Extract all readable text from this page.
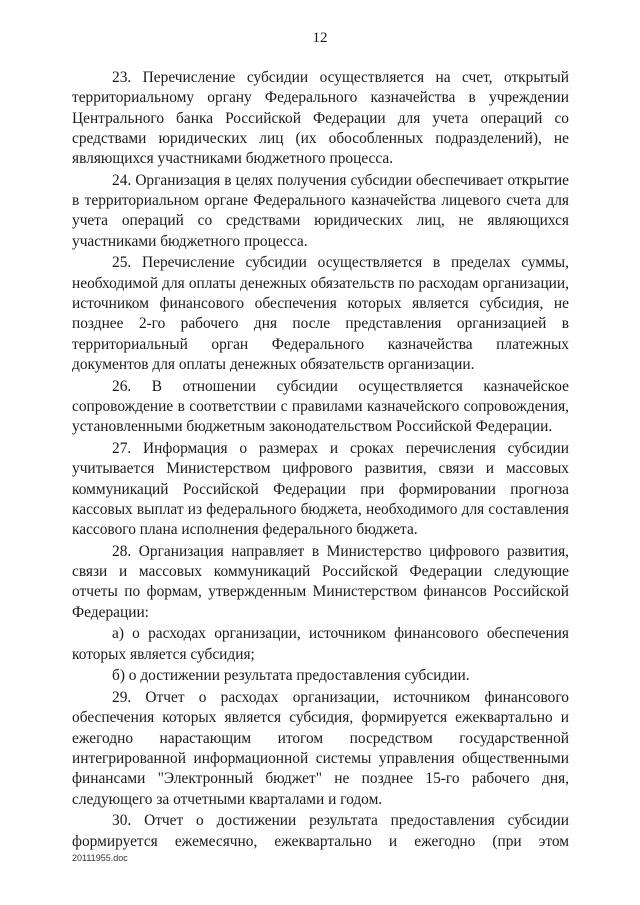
12

23. Перечисление субсидии осуществляется на счет, открытый территориальному органу Федерального казначейства в учреждении Центрального банка Российской Федерации для учета операций со средствами юридических лиц (их обособленных подразделений), не являющихся участниками бюджетного процесса.

24. Организация в целях получения субсидии обеспечивает открытие в территориальном органе Федерального казначейства лицевого счета для учета операций со средствами юридических лиц, не являющихся участниками бюджетного процесса.

25. Перечисление субсидии осуществляется в пределах суммы, необходимой для оплаты денежных обязательств по расходам организации, источником финансового обеспечения которых является субсидия, не позднее 2-го рабочего дня после представления организацией в территориальный орган Федерального казначейства платежных документов для оплаты денежных обязательств организации.

26. В отношении субсидии осуществляется казначейское сопровождение в соответствии с правилами казначейского сопровождения, установленными бюджетным законодательством Российской Федерации.

27. Информация о размерах и сроках перечисления субсидии учитывается Министерством цифрового развития, связи и массовых коммуникаций Российской Федерации при формировании прогноза кассовых выплат из федерального бюджета, необходимого для составления кассового плана исполнения федерального бюджета.

28. Организация направляет в Министерство цифрового развития, связи и массовых коммуникаций Российской Федерации следующие отчеты по формам, утвержденным Министерством финансов Российской Федерации:

а) о расходах организации, источником финансового обеспечения которых является субсидия;

б) о достижении результата предоставления субсидии.

29. Отчет о расходах организации, источником финансового обеспечения которых является субсидия, формируется ежеквартально и ежегодно нарастающим итогом посредством государственной интегрированной информационной системы управления общественными финансами "Электронный бюджет" не позднее 15-го рабочего дня, следующего за отчетными кварталами и годом.

30. Отчет о достижении результата предоставления субсидии формируется ежемесячно, ежеквартально и ежегодно (при этом

20111955.doc
